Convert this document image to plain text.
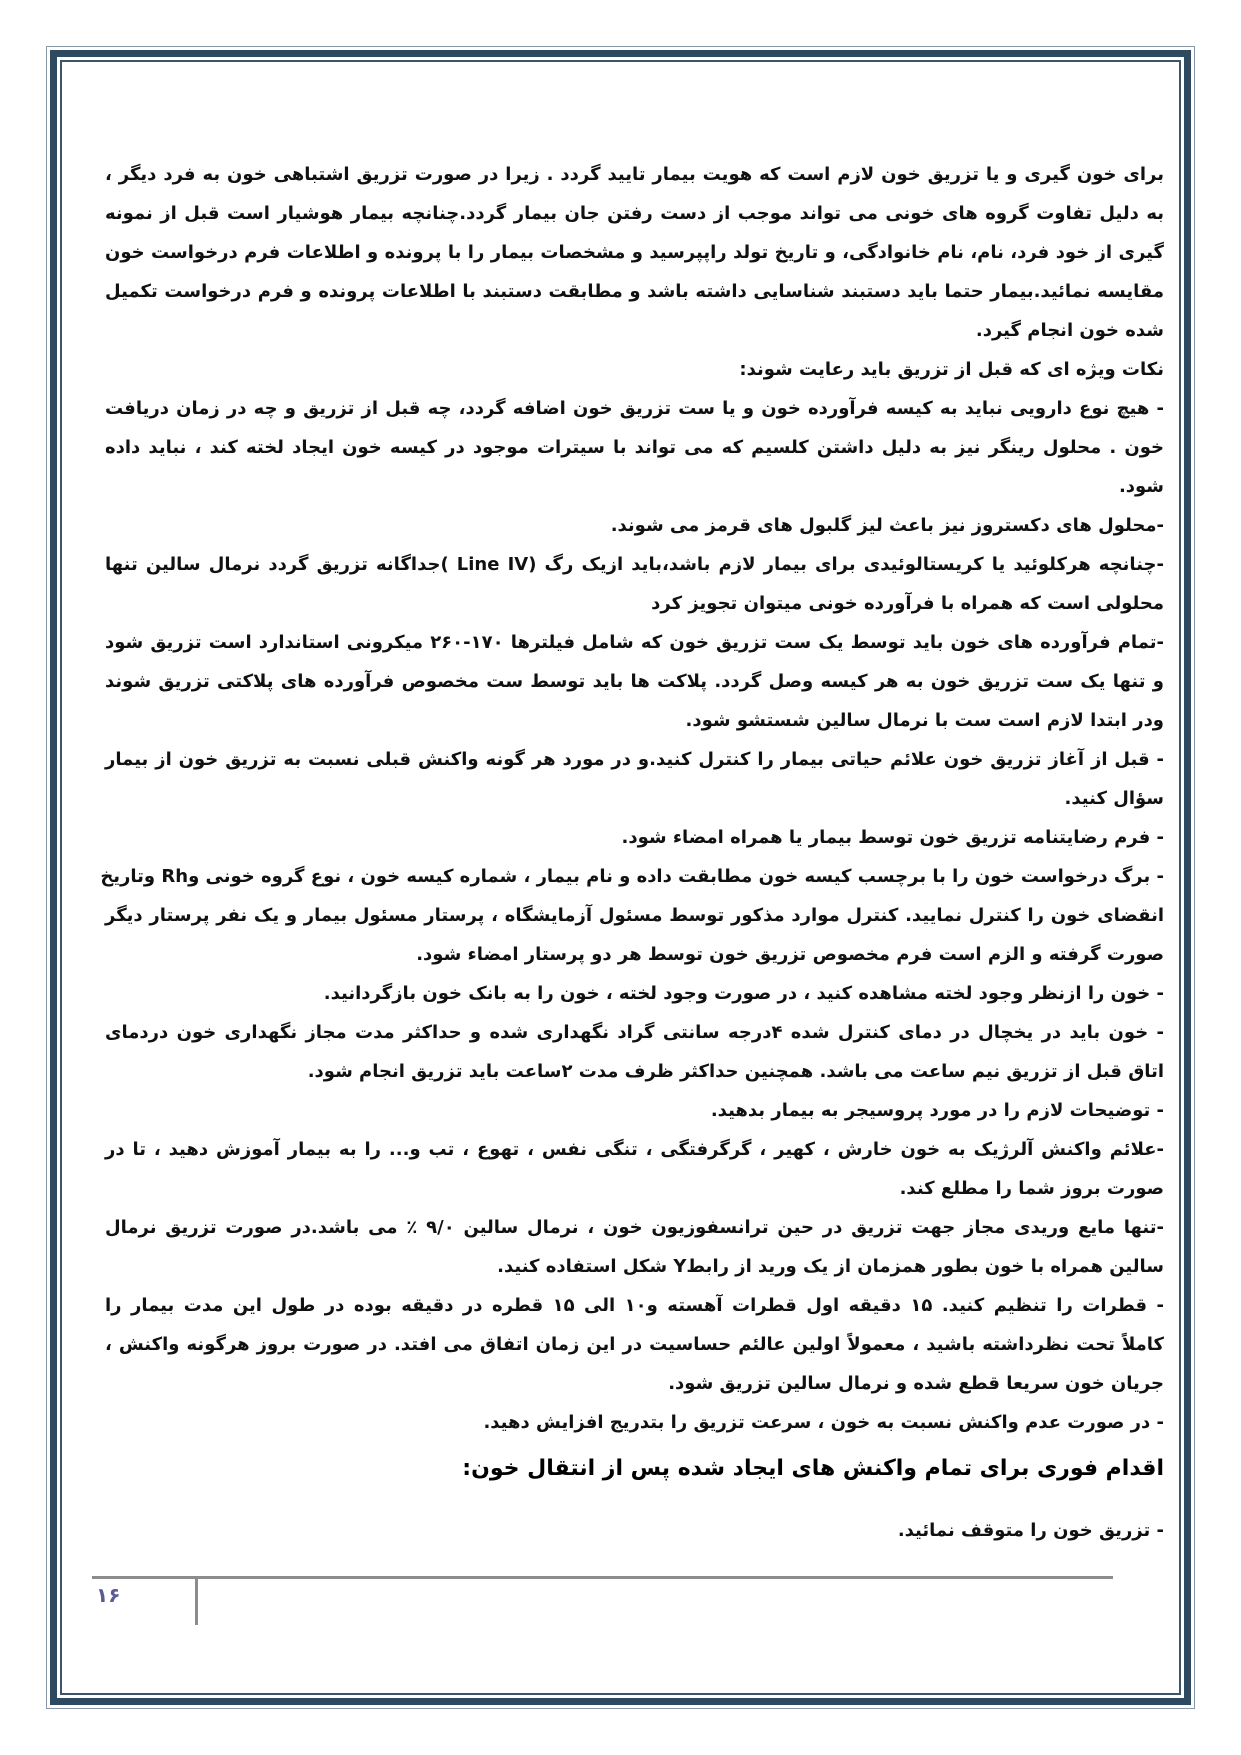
برای خون گیری و یا تزریق خون لازم است که هویت بیمار تایید گردد . زیرا در صورت تزریق اشتباهی خون به فرد دیگر ،
به دلیل تفاوت گروه های خونی می تواند موجب از دست رفتن جان بیمار گردد.چنانچه بیمار هوشیار است قبل از نمونه
گیری از خود فرد، نام، نام خانوادگی، و تاریخ تولد راپپرسید و مشخصات بیمار را با پرونده و اطلاعات فرم درخواست خون
مقایسه نمائید.بیمار حتما باید دستبند شناسایی داشته باشد و مطابقت دستبند با اطلاعات پرونده و فرم درخواست تکمیل
شده خون انجام گیرد.
نکات ویژه ای که قبل از تزریق باید رعایت شوند:
- هیچ نوع دارویی نباید به کیسه فرآورده خون و یا ست تزریق خون اضافه گردد، چه قبل از تزریق و چه در زمان دریافت
خون . محلول رینگر نیز به دلیل داشتن کلسیم که می تواند با سیترات موجود در کیسه خون ایجاد لخته کند ، نباید داده
شود.
-محلول های دکستروز نیز باعث لیز گلبول های قرمز می شوند.
-چنانچه هرکلوئید یا کریستالوئیدی برای بیمار لازم باشد،باید ازیک رگ (Line IV )جداگانه تزریق گردد نرمال سالین تنها
محلولی است که همراه با فرآورده خونی میتوان تجویز کرد
-تمام فرآورده های خون باید توسط یک ست تزریق خون که شامل فیلترها ۱۷۰-۲۶۰ میکرونی استاندارد است تزریق شود
و تنها یک ست تزریق خون به هر کیسه وصل گردد. پلاکت ها باید توسط ست مخصوص فرآورده های پلاکتی تزریق شوند
ودر ابتدا لازم است ست با نرمال سالین شستشو شود.
- قبل از آغاز تزریق خون علائم حیاتی بیمار را کنترل کنید.و در مورد هر گونه واکنش قبلی نسبت به تزریق خون از بیمار
سؤال کنید.
- فرم رضایتنامه تزریق خون توسط بیمار یا همراه امضاء شود.
- برگ درخواست خون را با برچسب کیسه خون مطابقت داده و نام بیمار ، شماره کیسه خون ، نوع گروه خونی وRh وتاریخ
انقضای خون را کنترل نمایید. کنترل موارد مذکور توسط مسئول آزمایشگاه ، پرستار مسئول بیمار و یک نفر پرستار دیگر
صورت گرفته و الزم است فرم مخصوص تزریق خون توسط هر دو پرستار امضاء شود.
- خون را ازنظر وجود لخته مشاهده کنید ، در صورت وجود لخته ، خون را به بانک خون بازگردانید.
- خون باید در یخچال در دمای کنترل شده ۴درجه سانتی گراد نگهداری شده و حداکثر مدت مجاز نگهداری خون دردمای
اتاق قبل از تزریق نیم ساعت می باشد. همچنین حداکثر ظرف مدت ۲ساعت باید تزریق انجام شود.
- توضیحات لازم را در مورد پروسیجر به بیمار بدهید.
-علائم واکنش آلرژیک به خون خارش ، کهیر ، گرگرفتگی ، تنگی نفس ، تهوع ، تب و... را به بیمار آموزش دهید ، تا در
صورت بروز شما را مطلع کند.
-تنها مایع وریدی مجاز جهت تزریق در حین ترانسفوزیون خون ، نرمال سالین ۹/۰ ٪ می باشد.در صورت تزریق نرمال
سالین همراه با خون بطور همزمان از یک ورید از رابطY شکل استفاده کنید.
- قطرات را تنظیم کنید. ۱۵ دقیقه اول قطرات آهسته و۱۰ الی ۱۵ قطره در دقیقه بوده در طول این مدت بیمار را
کاملاً تحت نظرداشته باشید ، معمولاً اولین عالئم حساسیت در این زمان اتفاق می افتد. در صورت بروز هرگونه واکنش ،
جریان خون سریعا قطع شده و نرمال سالین تزریق شود.
- در صورت عدم واکنش نسبت به خون ، سرعت تزریق را بتدریج افزایش دهید.
اقدام فوری برای تمام واکنش های ایجاد شده پس از انتقال خون:
- تزریق خون را متوقف نمائید.
۱۶
